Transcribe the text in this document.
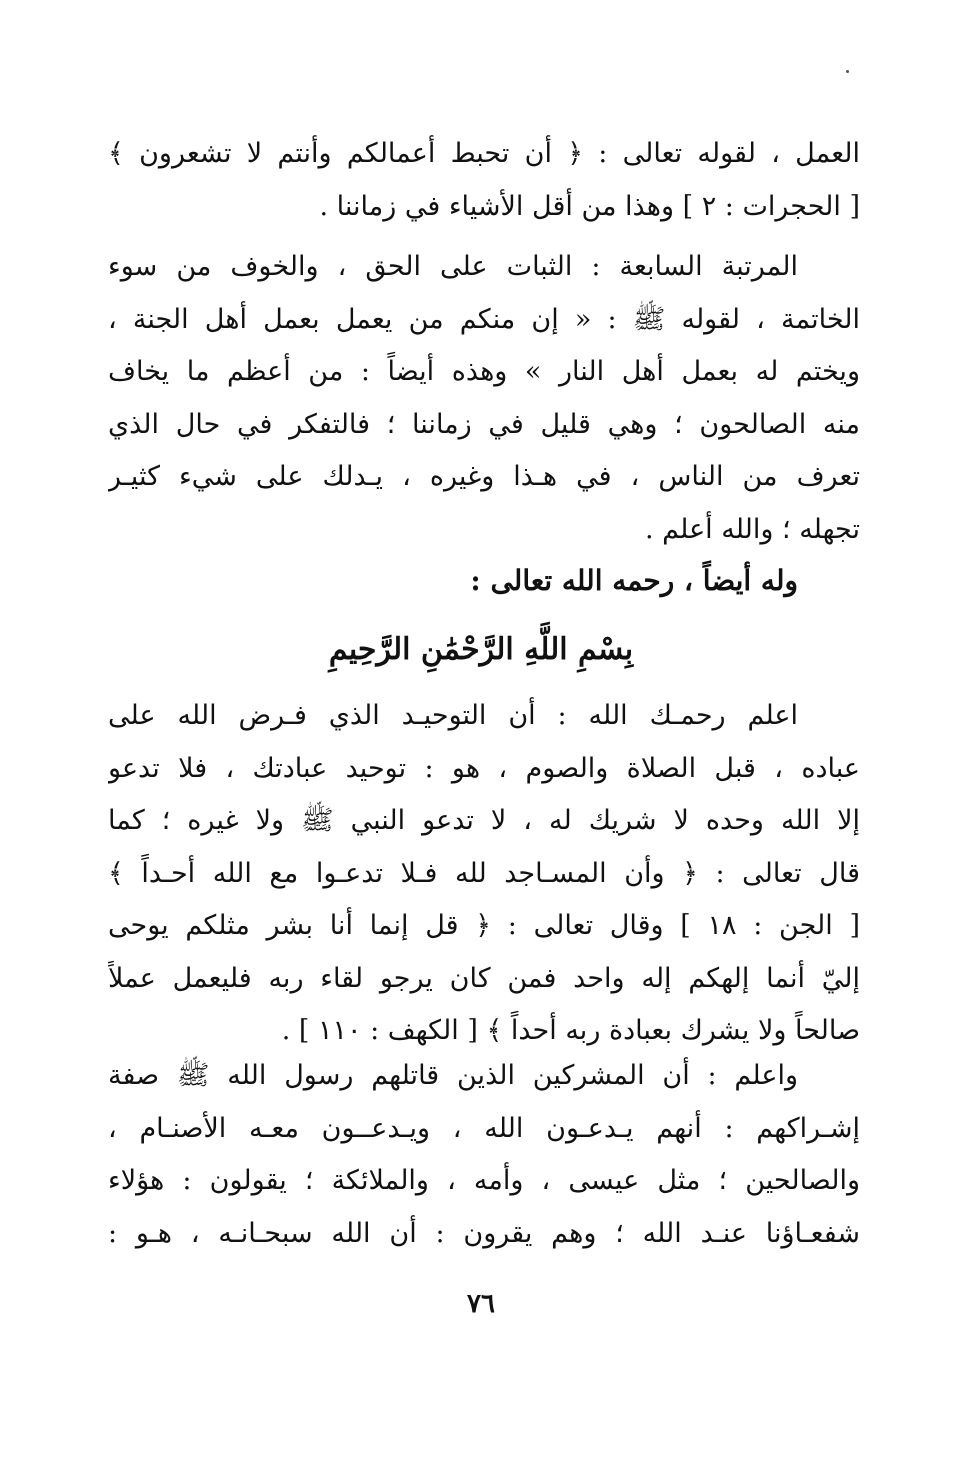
العمل ، لقوله تعالى : ﴿ أن تحبط أعمالكم وأنتم لا تشعرون ﴾
[ الحجرات : ٢ ] وهذا من أقل الأشياء في زماننا .
المرتبة السابعة : الثبات على الحق ، والخوف من سوء
الخاتمة ، لقوله ﷺ : « إن منكم من يعمل بعمل أهل الجنة ،
ويختم له بعمل أهل النار » وهذه أيضاً : من أعظم ما يخاف
منه الصالحون ؛ وهي قليل في زماننا ؛ فالتفكر في حال الذي
تعرف من الناس ، في هـذا وغيره ، يـدلك على شيء كثيـر
تجهله ؛ والله أعلم .
وله أيضاً ، رحمه الله تعالى :
بِسْمِ اللَّهِ الرَّحْمَٰنِ الرَّحِيمِ
اعلم رحمـك الله : أن التوحيـد الذي فـرض الله على
عباده ، قبل الصلاة والصوم ، هو : توحيد عبادتك ، فلا تدعو
إلا الله وحده لا شريك له ، لا تدعو النبي ﷺ ولا غيره ؛ كما
قال تعالى : ﴿ وأن المسـاجد لله فـلا تدعـوا مع الله أحـداً ﴾
[ الجن : ١٨ ] وقال تعالى : ﴿ قل إنما أنا بشر مثلكم يوحى
إليّ أنما إلهكم إله واحد فمن كان يرجو لقاء ربه فليعمل عملاً
صالحاً ولا يشرك بعبادة ربه أحداً ﴾ [ الكهف : ١١٠ ] .
واعلم : أن المشركين الذين قاتلهم رسول الله ﷺ صفة
إشـراكهم : أنهم يـدعـون الله ، ويـدعــون معـه الأصنـام ،
والصالحين ؛ مثل عيسى ، وأمه ، والملائكة ؛ يقولون : هؤلاء
شفعـاؤنا عنـد الله ؛ وهم يقرون : أن الله سبحـانـه ، هـو :
٧٦
